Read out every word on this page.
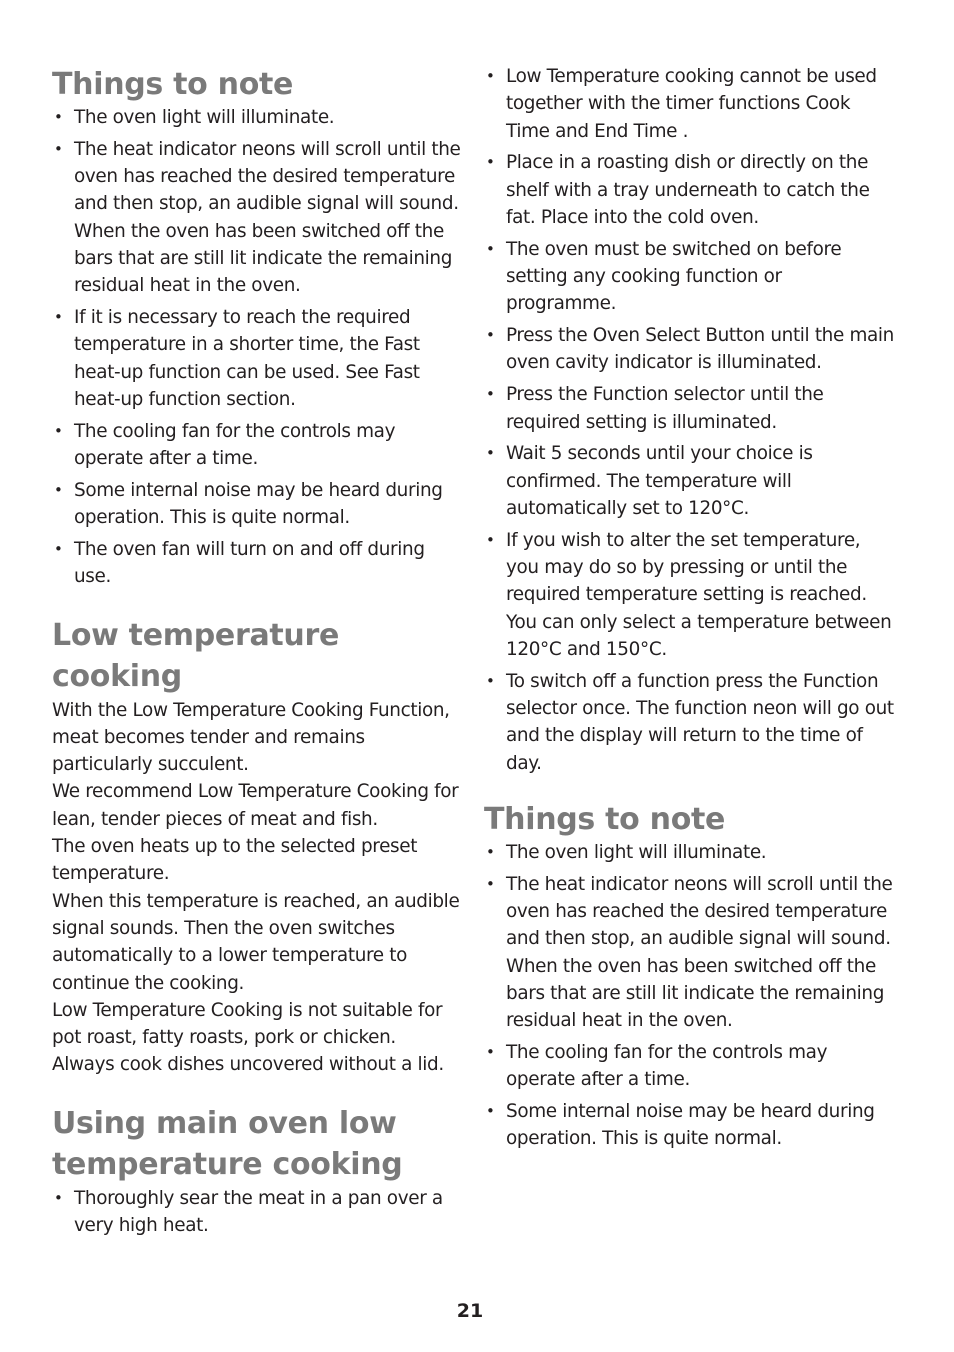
Things to note
• The oven light will illuminate.
• The heat indicator neons will scroll until the oven has reached the desired temperature and then stop, an audible signal will sound. When the oven has been switched off the bars that are still lit indicate the remaining residual heat in the oven.
• If it is necessary to reach the required temperature in a shorter time, the Fast heat-up function can be used. See Fast heat-up function section.
• The cooling fan for the controls may operate after a time.
• Some internal noise may be heard during operation. This is quite normal.
• The oven fan will turn on and off during use.
Low temperature
cooking

With the Low Temperature Cooking Function, meat becomes tender and remains particularly succulent.

We recommend Low Temperature Cooking for lean, tender pieces of meat and fish.

The oven heats up to the selected preset temperature.

When this temperature is reached, an audible signal sounds. Then the oven switches automatically to a lower temperature to continue the cooking.

Low Temperature Cooking is not suitable for pot roast, fatty roasts, pork or chicken. Always cook dishes uncovered without a lid.

Using main oven low
temperature cooking
• Thoroughly sear the meat in a pan over a very high heat.
• Low Temperature cooking cannot be used together with the timer functions Cook Time and End Time .
• Place in a roasting dish or directly on the shelf with a tray underneath to catch the fat. Place into the cold oven.
• The oven must be switched on before setting any cooking function or programme.
• Press the Oven Select Button until the main oven cavity indicator is illuminated.
• Press the Function selector until the required setting is illuminated.
• Wait 5 seconds until your choice is confirmed. The temperature will automatically set to 120°C.
• If you wish to alter the set temperature, you may do so by pressing or until the required temperature setting is reached. You can only select a temperature between 120°C and 150°C.
• To switch off a function press the Function selector once. The function neon will go out and the display will return to the time of day.
Things to note
• The oven light will illuminate.
• The heat indicator neons will scroll until the oven has reached the desired temperature and then stop, an audible signal will sound. When the oven has been switched off the bars that are still lit indicate the remaining residual heat in the oven.
• The cooling fan for the controls may operate after a time.
• Some internal noise may be heard during operation. This is quite normal.
21
